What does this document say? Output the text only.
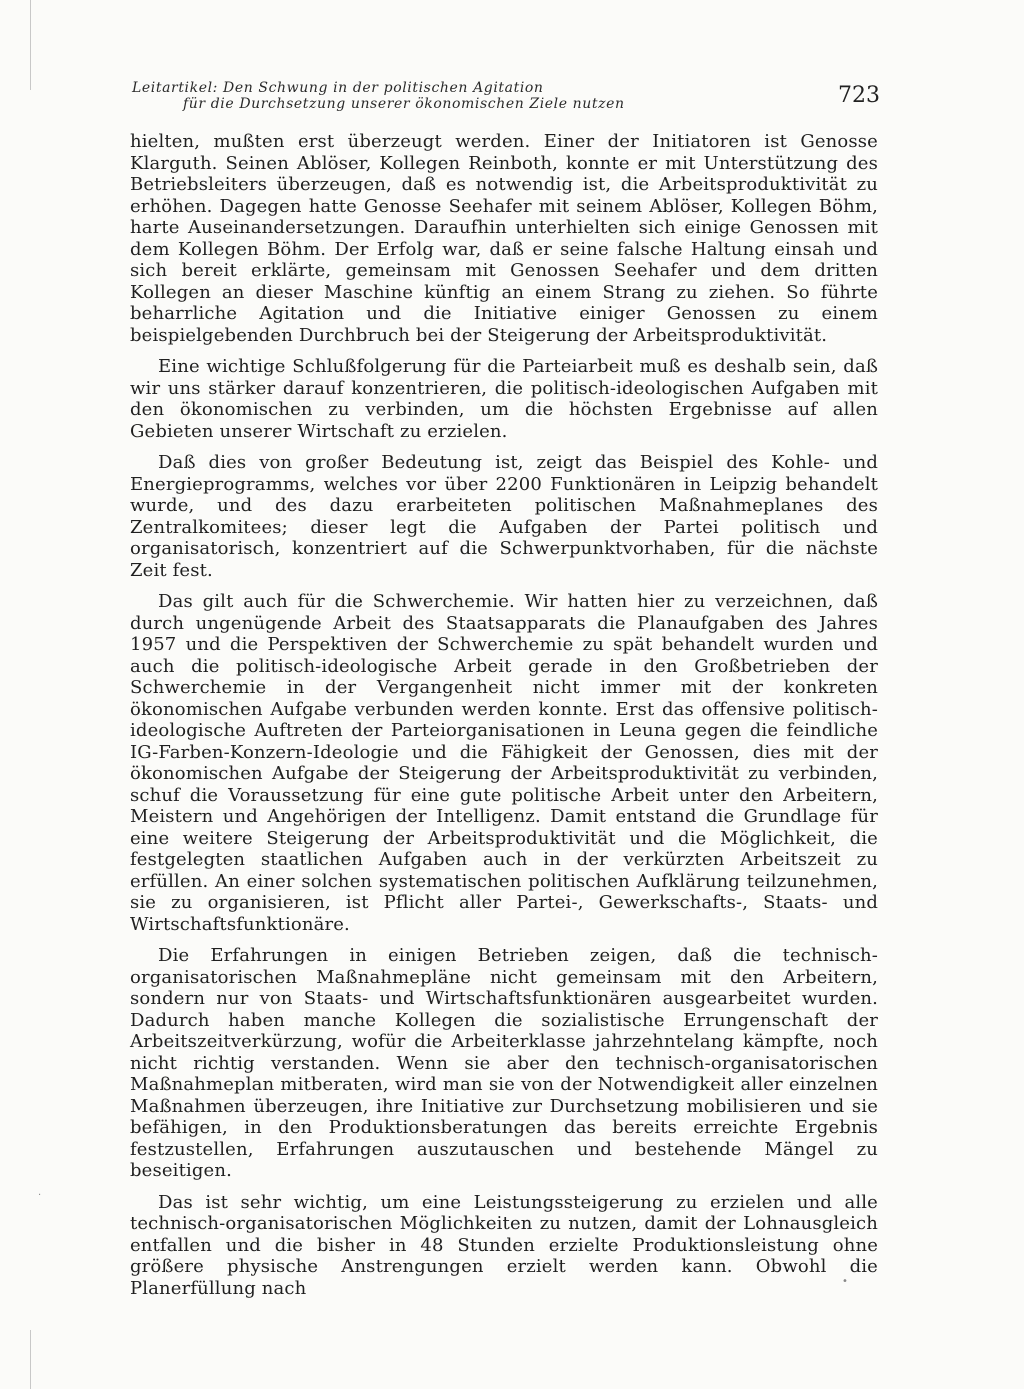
Leitartikel: Den Schwung in der politischen Agitation
für die Durchsetzung unserer ökonomischen Ziele nutzen	723

hielten, mußten erst überzeugt werden. Einer der Initiatoren ist Genosse Klarguth. Seinen Ablöser, Kollegen Reinboth, konnte er mit Unterstützung des Betriebsleiters überzeugen, daß es notwendig ist, die Arbeitsproduktivität zu erhöhen. Dagegen hatte Genosse Seehafer mit seinem Ablöser, Kollegen Böhm, harte Auseinandersetzungen. Daraufhin unterhielten sich einige Genossen mit dem Kollegen Böhm. Der Erfolg war, daß er seine falsche Haltung einsah und sich bereit erklärte, gemeinsam mit Genossen Seehafer und dem dritten Kollegen an dieser Maschine künftig an einem Strang zu ziehen. So führte beharrliche Agitation und die Initiative einiger Genossen zu einem beispielgebenden Durchbruch bei der Steigerung der Arbeitsproduktivität.

Eine wichtige Schlußfolgerung für die Parteiarbeit muß es deshalb sein, daß wir uns stärker darauf konzentrieren, die politisch-ideologischen Aufgaben mit den ökonomischen zu verbinden, um die höchsten Ergebnisse auf allen Gebieten unserer Wirtschaft zu erzielen.

Daß dies von großer Bedeutung ist, zeigt das Beispiel des Kohle- und Energieprogramms, welches vor über 2200 Funktionären in Leipzig behandelt wurde, und des dazu erarbeiteten politischen Maßnahmeplanes des Zentralkomitees; dieser legt die Aufgaben der Partei politisch und organisatorisch, konzentriert auf die Schwerpunktvorhaben, für die nächste Zeit fest.

Das gilt auch für die Schwerchemie. Wir hatten hier zu verzeichnen, daß durch ungenügende Arbeit des Staatsapparats die Planaufgaben des Jahres 1957 und die Perspektiven der Schwerchemie zu spät behandelt wurden und auch die politisch-ideologische Arbeit gerade in den Großbetrieben der Schwerchemie in der Vergangenheit nicht immer mit der konkreten ökonomischen Aufgabe verbunden werden konnte. Erst das offensive politisch-ideologische Auftreten der Parteiorganisationen in Leuna gegen die feindliche IG-Farben-Konzern-Ideologie und die Fähigkeit der Genossen, dies mit der ökonomischen Aufgabe der Steigerung der Arbeitsproduktivität zu verbinden, schuf die Voraussetzung für eine gute politische Arbeit unter den Arbeitern, Meistern und Angehörigen der Intelligenz. Damit entstand die Grundlage für eine weitere Steigerung der Arbeitsproduktivität und die Möglichkeit, die festgelegten staatlichen Aufgaben auch in der verkürzten Arbeitszeit zu erfüllen. An einer solchen systematischen politischen Aufklärung teilzunehmen, sie zu organisieren, ist Pflicht aller Partei-, Gewerkschafts-, Staats- und Wirtschaftsfunktionäre.

Die Erfahrungen in einigen Betrieben zeigen, daß die technisch-organisatorischen Maßnahmepläne nicht gemeinsam mit den Arbeitern, sondern nur von Staats- und Wirtschaftsfunktionären ausgearbeitet wurden. Dadurch haben manche Kollegen die sozialistische Errungenschaft der Arbeitszeitverkürzung, wofür die Arbeiterklasse jahrzehntelang kämpfte, noch nicht richtig verstanden. Wenn sie aber den technisch-organisatorischen Maßnahmeplan mitberaten, wird man sie von der Notwendigkeit aller einzelnen Maßnahmen überzeugen, ihre Initiative zur Durchsetzung mobilisieren und sie befähigen, in den Produktionsberatungen das bereits erreichte Ergebnis festzustellen, Erfahrungen auszutauschen und bestehende Mängel zu beseitigen.

Das ist sehr wichtig, um eine Leistungssteigerung zu erzielen und alle technisch-organisatorischen Möglichkeiten zu nutzen, damit der Lohnausgleich entfallen und die bisher in 48 Stunden erzielte Produktionsleistung ohne größere physische Anstrengungen erzielt werden kann. Obwohl die Planerfüllung nach	•
·
